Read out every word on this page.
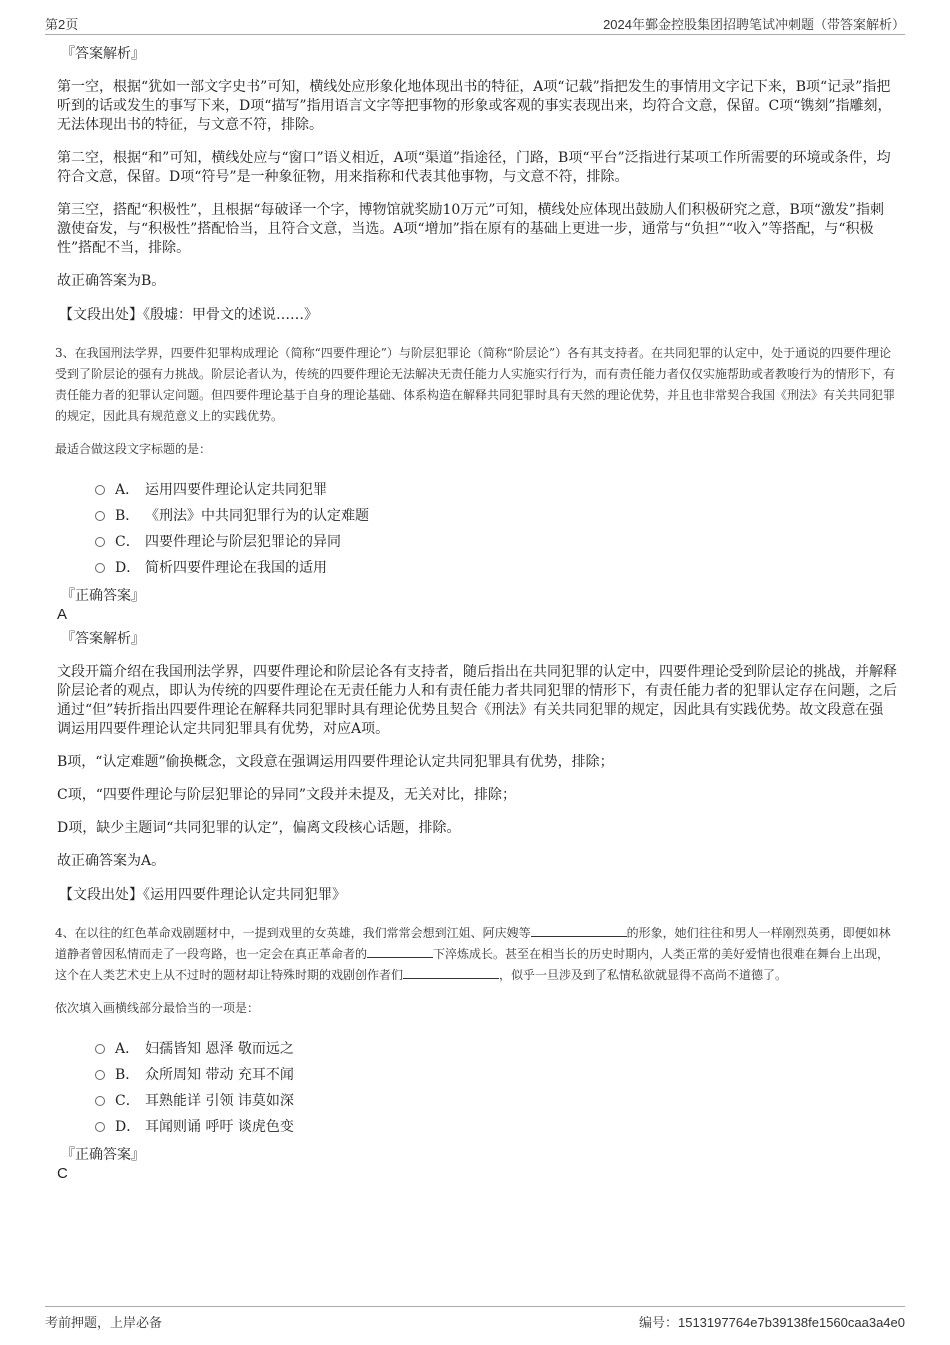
第2页	2024年鄞金控股集团招聘笔试冲刺题（带答案解析）
『答案解析』

第一空，根据“犹如一部文字史书”可知，横线处应形象化地体现出书的特征，A项“记载”指把发生的事情用文字记下来，B项“记录”指把听到的话或发生的事写下来，D项“描写”指用语言文字等把事物的形象或客观的事实表现出来，均符合文意，保留。C项“镌刻”指雕刻，无法体现出书的特征，与文意不符，排除。

第二空，根据“和”可知，横线处应与“窗口”语义相近，A项“渠道”指途径，门路，B项“平台”泛指进行某项工作所需要的环境或条件，均符合文意，保留。D项“符号”是一种象征物，用来指称和代表其他事物，与文意不符，排除。

第三空，搭配“积极性”，且根据“每破译一个字，博物馆就奖励10万元”可知，横线处应体现出鼓励人们积极研究之意，B项“激发”指刺激使奋发，与“积极性”搭配恰当，且符合文意，当选。A项“增加”指在原有的基础上更进一步，通常与“负担”“收入”等搭配，与“积极性”搭配不当，排除。

故正确答案为B。

【文段出处】《殷墟：甲骨文的述说……》
3、在我国刑法学界，四要件犯罪构成理论（简称“四要件理论”）与阶层犯罪论（简称“阶层论”）各有其支持者。在共同犯罪的认定中，处于通说的四要件理论受到了阶层论的强有力挑战。阶层论者认为，传统的四要件理论无法解决无责任能力人实施实行行为，而有责任能力者仅仅实施帮助或者教唆行为的情形下，有责任能力者的犯罪认定问题。但四要件理论基于自身的理论基础、体系构造在解释共同犯罪时具有天然的理论优势，并且也非常契合我国《刑法》有关共同犯罪的规定，因此具有规范意义上的实践优势。
最适合做这段文字标题的是：
A． 运用四要件理论认定共同犯罪
B． 《刑法》中共同犯罪行为的认定难题
C． 四要件理论与阶层犯罪论的异同
D． 简析四要件理论在我国的适用
『正确答案』
A
『答案解析』

文段开篇介绍在我国刑法学界，四要件理论和阶层论各有支持者，随后指出在共同犯罪的认定中，四要件理论受到阶层论的挑战，并解释阶层论者的观点，即认为传统的四要件理论在无责任能力人和有责任能力者共同犯罪的情形下，有责任能力者的犯罪认定存在问题，之后通过“但”转折指出四要件理论在解释共同犯罪时具有理论优势且契合《刑法》有关共同犯罪的规定，因此具有实践优势。故文段意在强调运用四要件理论认定共同犯罪具有优势，对应A项。

B项，“认定难题”偷换概念，文段意在强调运用四要件理论认定共同犯罪具有优势，排除；

C项，“四要件理论与阶层犯罪论的异同”文段并未提及，无关对比，排除；

D项，缺少主题词“共同犯罪的认定”，偏离文段核心话题，排除。

故正确答案为A。

【文段出处】《运用四要件理论认定共同犯罪》
4、在以往的红色革命戏剧题材中，一提到戏里的女英雄，我们常常会想到江姐、阿庆嫂等	的形象，她们往往和男人一样刚烈英勇，即便如林道静者曾因私情而走了一段弯路，也一定会在真正革命者的	下淬炼成长。甚至在相当长的历史时期内，人类正常的美好爱情也很难在舞台上出现，这个在人类艺术史上从不过时的题材却让特殊时期的戏剧创作者们	，似乎一旦涉及到了私情私欲就显得不高尚不道德了。
依次填入画横线部分最恰当的一项是：
A． 妇孺皆知 恩泽 敬而远之
B． 众所周知 带动 充耳不闻
C． 耳熟能详 引领 讳莫如深
D． 耳闻则诵 呼吁 谈虎色变
『正确答案』
C
考前押题，上岸必备	编号：1513197764e7b39138fe1560caa3a4e0
